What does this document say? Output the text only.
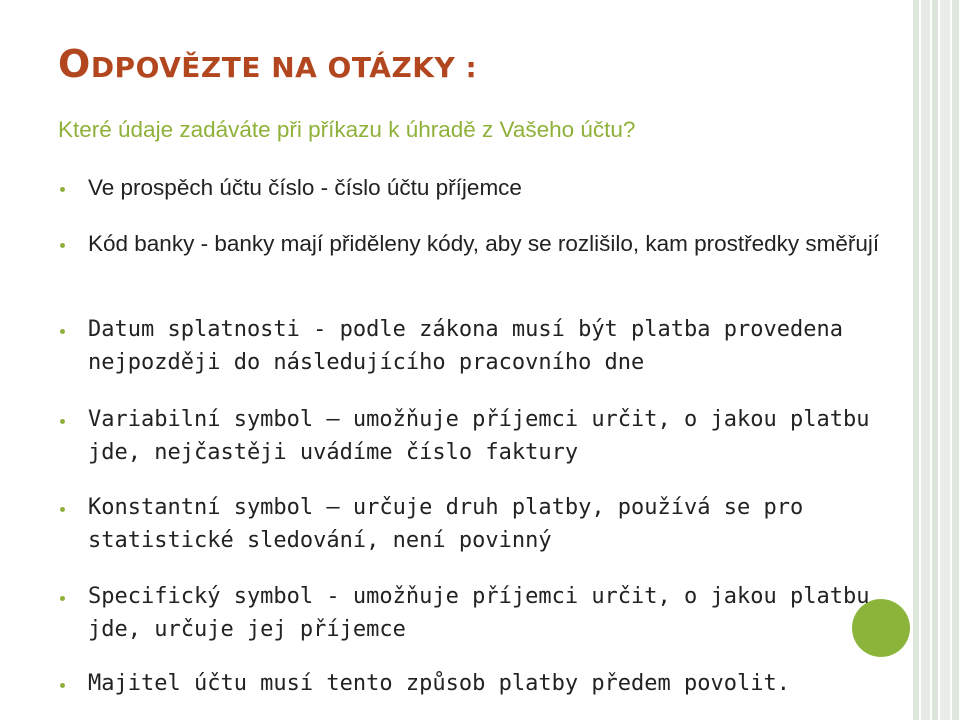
ODPOVĚZTE NA OTÁZKY :
Které údaje zadáváte při příkazu k úhradě z Vašeho účtu?
Ve prospěch účtu číslo - číslo účtu příjemce
Kód banky - banky mají přiděleny kódy, aby se rozlišilo, kam prostředky směřují
Datum splatnosti - podle zákona musí být platba provedena nejpozději do následujícího pracovního dne
Variabilní symbol – umožňuje příjemci určit, o jakou platbu jde, nejčastěji uvádíme číslo faktury
Konstantní symbol – určuje druh platby, používá se pro statistické sledování, není povinný
Specifický symbol - umožňuje příjemci určit, o jakou platbu jde, určuje jej příjemce
Majitel účtu musí tento způsob platby předem povolit.
